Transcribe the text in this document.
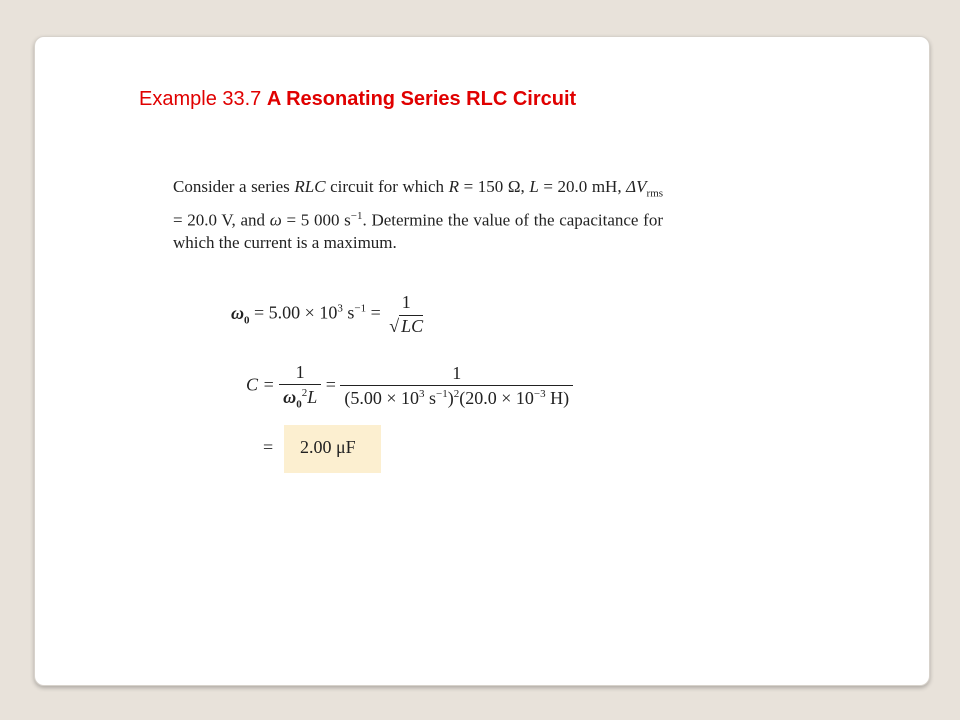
Example 33.7 A Resonating Series RLC Circuit
Consider a series RLC circuit for which R = 150 Ω, L = 20.0 mH, $\Delta V_{rms} = 20.0$ V, and ω = 5 000 $s^{-1}$. Determine the value of the capacitance for which the current is a maximum.
$\omega_0 = 5.00 \times 10^3$ $s^{-1}$ =
1
√ LC
$C = \frac{1}{\omega_0^2L} = \frac{1}{(5.00 \times 10^3 s^{-1})^2(20.0 \times 10^{-3} H)}$
= 2.00 μF
